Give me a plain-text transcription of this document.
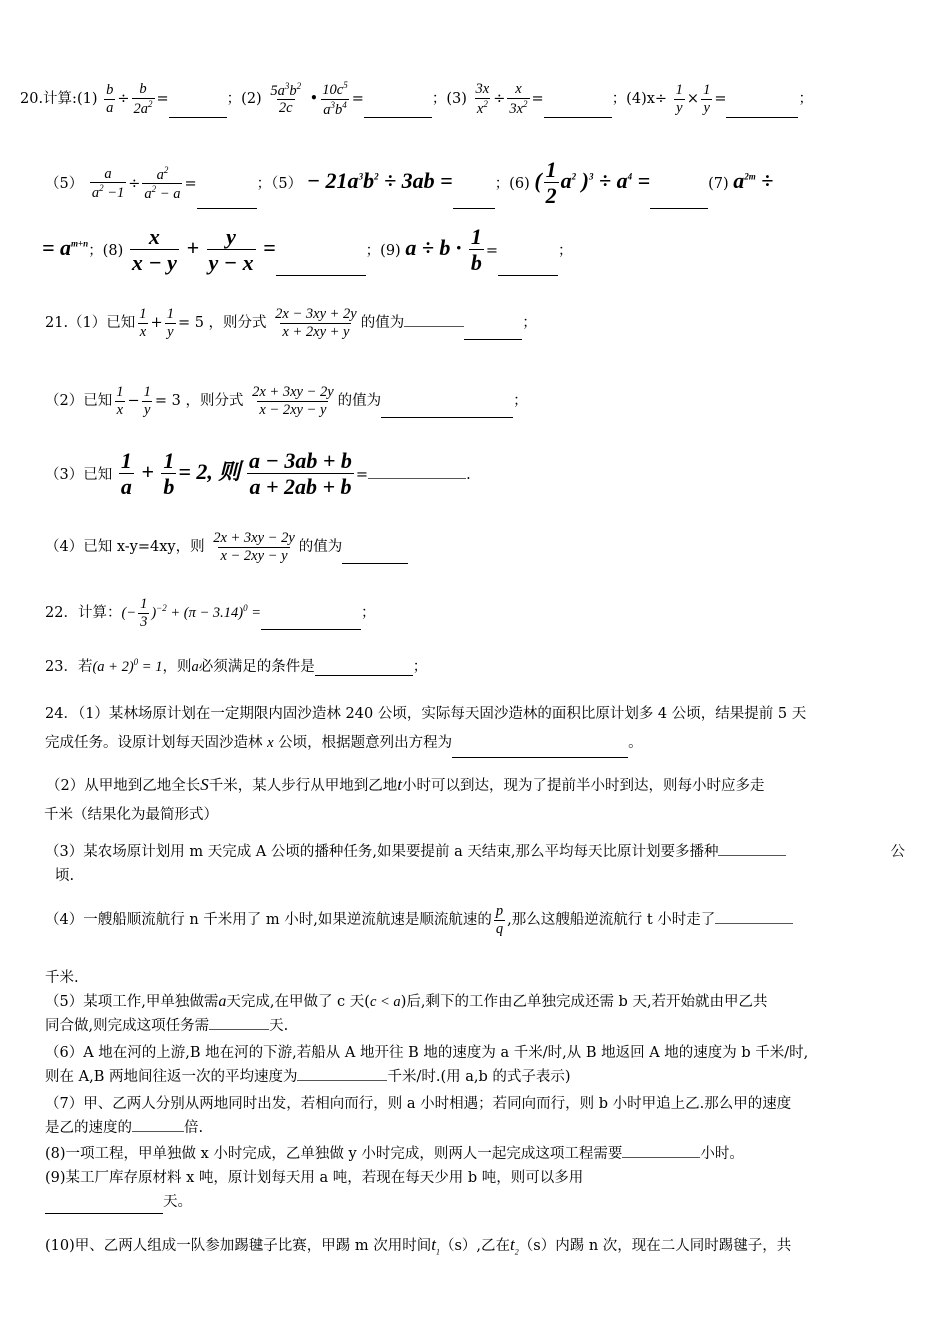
20.计算:(1) $\frac{b}{a} \div \frac{b}{2a^2}$ =	；$(2) \frac{5a^3b^2}{2c}$ • $\frac{10c^5}{a^3b^4}$ =	；$(3) \frac{3x}{x^2} \div \frac{x}{3x^2}$ =	；$(4)x\div \frac{1}{y} \times \frac{1}{y}$ =	；
$(5) \frac{a}{a^2 -1} \div \frac{a^2}{a^2 - a}$ =	；$(5) - 21a^3b^2 \div 3ab$ =	；(6) ( $\frac{1}{2} a^2$ )$^3 \div a^4$ =	(7) $a^{2m}$ ÷
= $a^{m+n}$；$(8) \frac{x}{x - y} + \frac{y}{y - x}$ =	；(9) $a \div b \cdot \frac{1}{b}$ =	；
21.（1）已知 $\frac{1}{x} + \frac{1}{y} = 5$ ，则分式 $\frac{2x - 3xy + 2y}{x + 2xy + y}$ 的值为	；
（2）已知 $\frac{1}{x} - \frac{1}{y} = 3$ ，则分式 $\frac{2x + 3xy - 2y}{x - 2xy - y}$ 的值为	；
（3）已知 $\frac{1}{a} + \frac{1}{b} = 2$, 则 $\frac{a - 3ab + b}{a + 2ab + b}$ =	.
（4）已知 x-y=4xy，则 $\frac{2x + 3xy - 2y}{x - 2xy - y}$ 的值为
22．计算：(− $\frac{1}{3} )^{-2} + (\pi - 3.14)^0$ =	；
23．若$(a + 2)^0 = 1$，则a必须满足的条件是	；
24．（1）某林场原计划在一定期限内固沙造林 240 公顷，实际每天固沙造林的面积比原计划多 4 公顷，结果提前 5 天
完成任务。设原计划每天固沙造林 x 公顷，根据题意列出方程为	。
（2）从甲地到乙地全长S千米，某人步行从甲地到乙地t小时可以到达，现为了提前半小时到达，则每小时应多走
千米（结果化为最简形式）
（3）某农场原计划用 m 天完成 A 公顷的播种任务,如果要提前 a 天结束,那么平均每天比原计划要多播种	公
顷.
（4）一艘船顺流航行 n 千米用了 m 小时,如果逆流航速是顺流航速的 $\frac{p}{q}$ ,那么这艘船逆流航行 t 小时走了
千米.
（5）某项工作,甲单独做需a天完成,在甲做了 c 天(c < a)后,剩下的工作由乙单独完成还需 b 天,若开始就由甲乙共
同合做,则完成这项任务需	天.
（6）A 地在河的上游,B 地在河的下游,若船从 A 地开往 B 地的速度为 a 千米/时,从 B 地返回 A 地的速度为 b 千米/时,
则在 A,B 两地间往返一次的平均速度为	千米/时.(用 a,b 的式子表示)
（7）甲、乙两人分别从两地同时出发，若相向而行，则 a 小时相遇；若同向而行，则 b 小时甲追上乙.那么甲的速度
是乙的速度的	倍.
(8)一项工程，甲单独做 x 小时完成，乙单独做 y 小时完成，则两人一起完成这项工程需要	小时。
(9)某工厂库存原材料 x 吨，原计划每天用 a 吨，若现在每天少用 b 吨，则可以多用
天。
(10)甲、乙两人组成一队参加踢毽子比赛，甲踢 m 次用时间$t_1(s)$,乙在$t_2(s)$内踢 n 次，现在二人同时踢毽子，共
